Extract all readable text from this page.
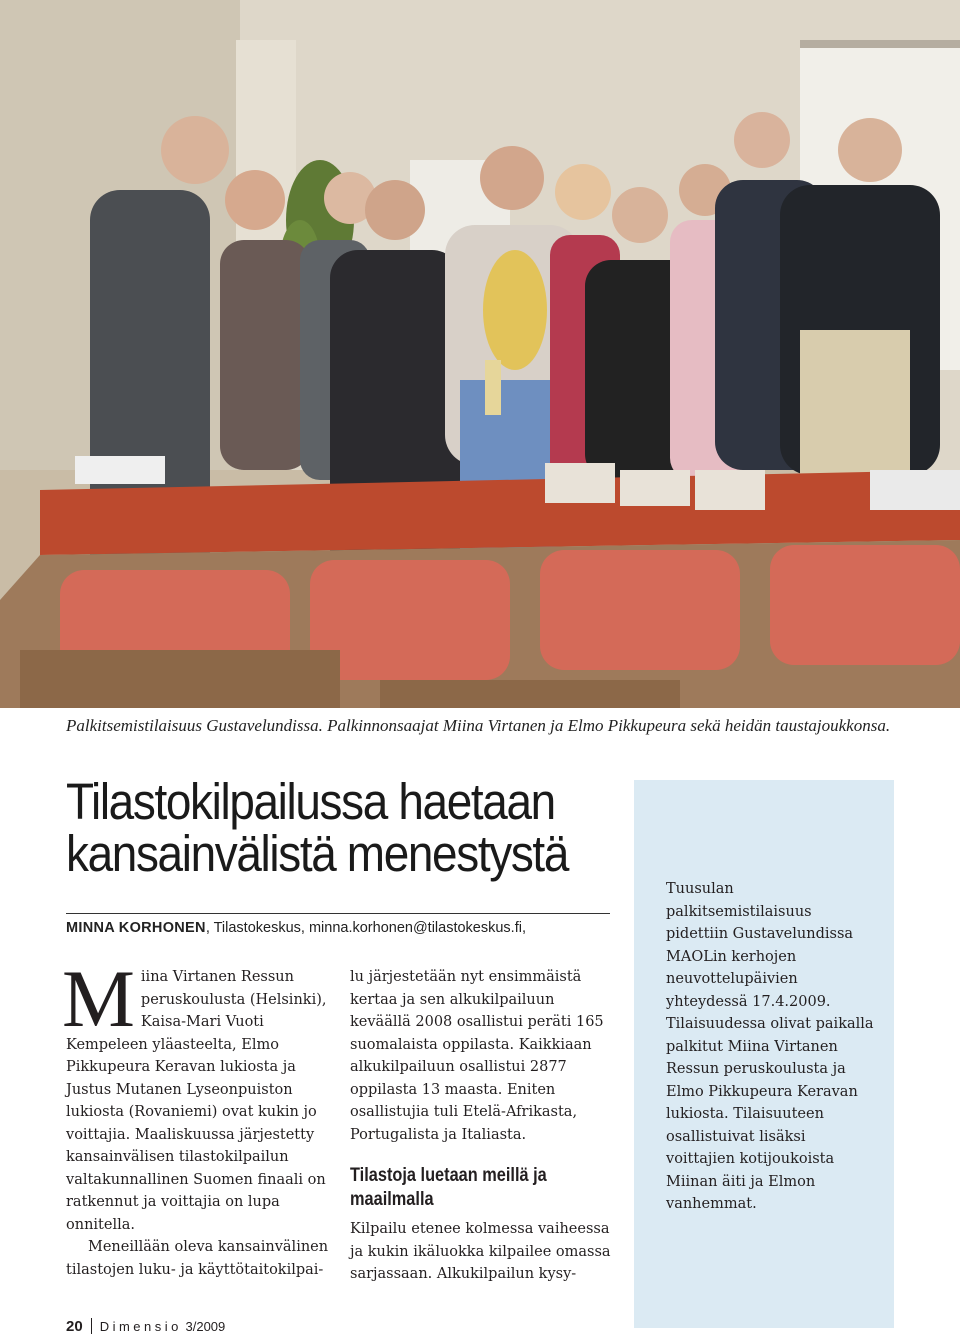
Palkitsemistilaisuus Gustavelundissa. Palkinnonsaajat Miina Virtanen ja Elmo Pikkupeura sekä heidän taustajoukkonsa.
Tilastokilpailussa haetaan
kansainvälistä menestystä
MINNA KORHONEN, Tilastokeskus, minna.korhonen@tilastokeskus.fi,

Miina Virtanen Ressun peruskoulusta (Helsinki), Kaisa-Mari Vuoti Kempeleen yläasteelta, Elmo Pikkupeura Keravan lukiosta ja Justus Mutanen Lyseonpuiston lukiosta (Rovaniemi) ovat kukin jo voittajia. Maaliskuussa järjestetty kansainvälisen tilastokilpailun valtakunnallinen Suomen finaali on ratkennut ja voittajia on lupa onnitella.

Meneillään oleva kansainvälinen tilastojen luku- ja käyttötaitokilpai-

lu järjestetään nyt ensimmäistä kertaa ja sen alkukilpailuun keväällä 2008 osallistui peräti 165 suomalaista oppilasta. Kaikkiaan alkukilpailuun osallistui 2877 oppilasta 13 maasta. Eniten osallistujia tuli Etelä-Afrikasta, Portugalista ja Italiasta.

Tilastoja luetaan meillä ja maailmalla

Kilpailu etenee kolmessa vaiheessa ja kukin ikäluokka kilpailee omassa sarjassaan. Alkukilpailun kysy-

Tuusulan palkitsemistilaisuus pidettiin Gustavelundissa MAOLin kerhojen neuvottelupäivien yhteydessä 17.4.2009. Tilaisuudessa olivat paikalla palkitut Miina Virtanen Ressun peruskoulusta ja Elmo Pikkupeura Keravan lukiosta. Tilaisuuteen osallistuivat lisäksi voittajien kotijoukoista Miinan äiti ja Elmon vanhemmat.

20 Dimensio 3/2009
